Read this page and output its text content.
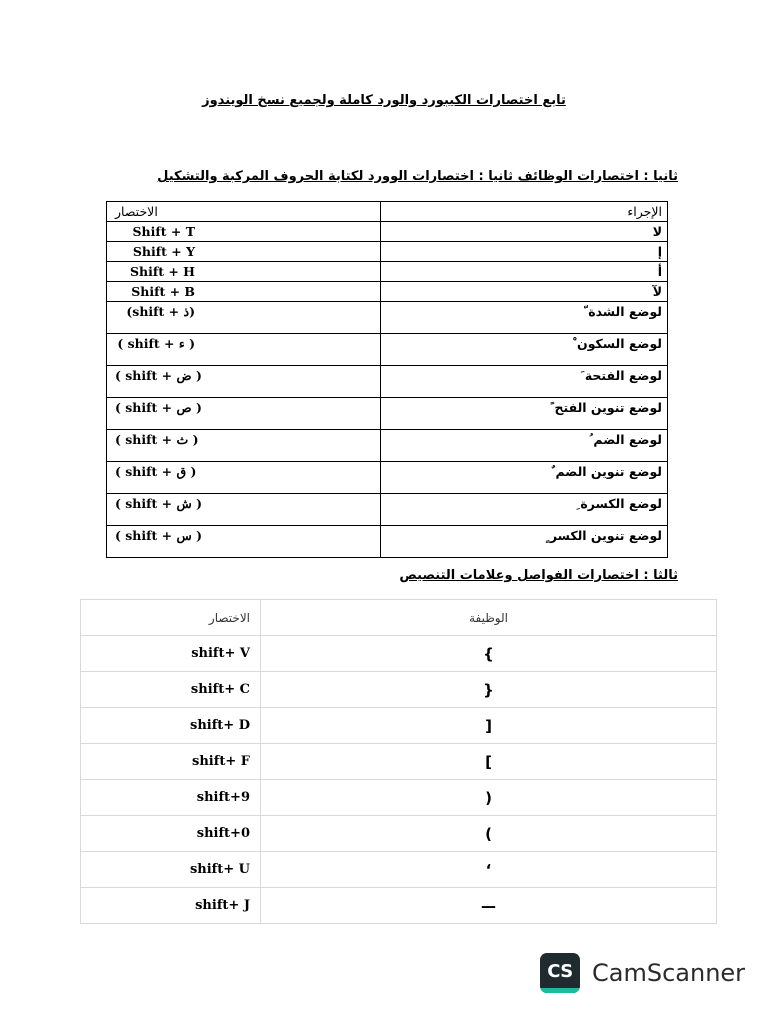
تابع اختصارات الكيبورد والورد كاملة ولجميع نسخ الويندوز
ثانيا : اختصارات الوظائف ثانيا : اختصارات الوورد لكتابة الحروف المركبة والتشكيل
الإجراء	الاختصار
لا	Shift + T
إ	Shift + Y
أ	Shift + H
لآ	Shift + B
لوضع الشدة ّ	(shift + ذ)
لوضع السكون ْ	( shift + ء )
لوضع الفتحة َ	( shift + ض )
لوضع تنوين الفتح ً	( shift + ص )
لوضع الضم ُ	( shift + ث )
لوضع تنوين الضم ٌ	( shift + ق )
لوضع الكسرة ِ	( shift + ش )
لوضع تنوين الكسر ٍ	( shift + س )
ثالثا : اختصارات الفواصل وعلامات التنصيص
الوظيفة	الاختصار
}	shift+ V
{	shift+ C
[	shift+ D
]	shift+ F
(	shift+9
)	shift+0
‘	shift+ U
—	shift+ J
CS CamScanner
